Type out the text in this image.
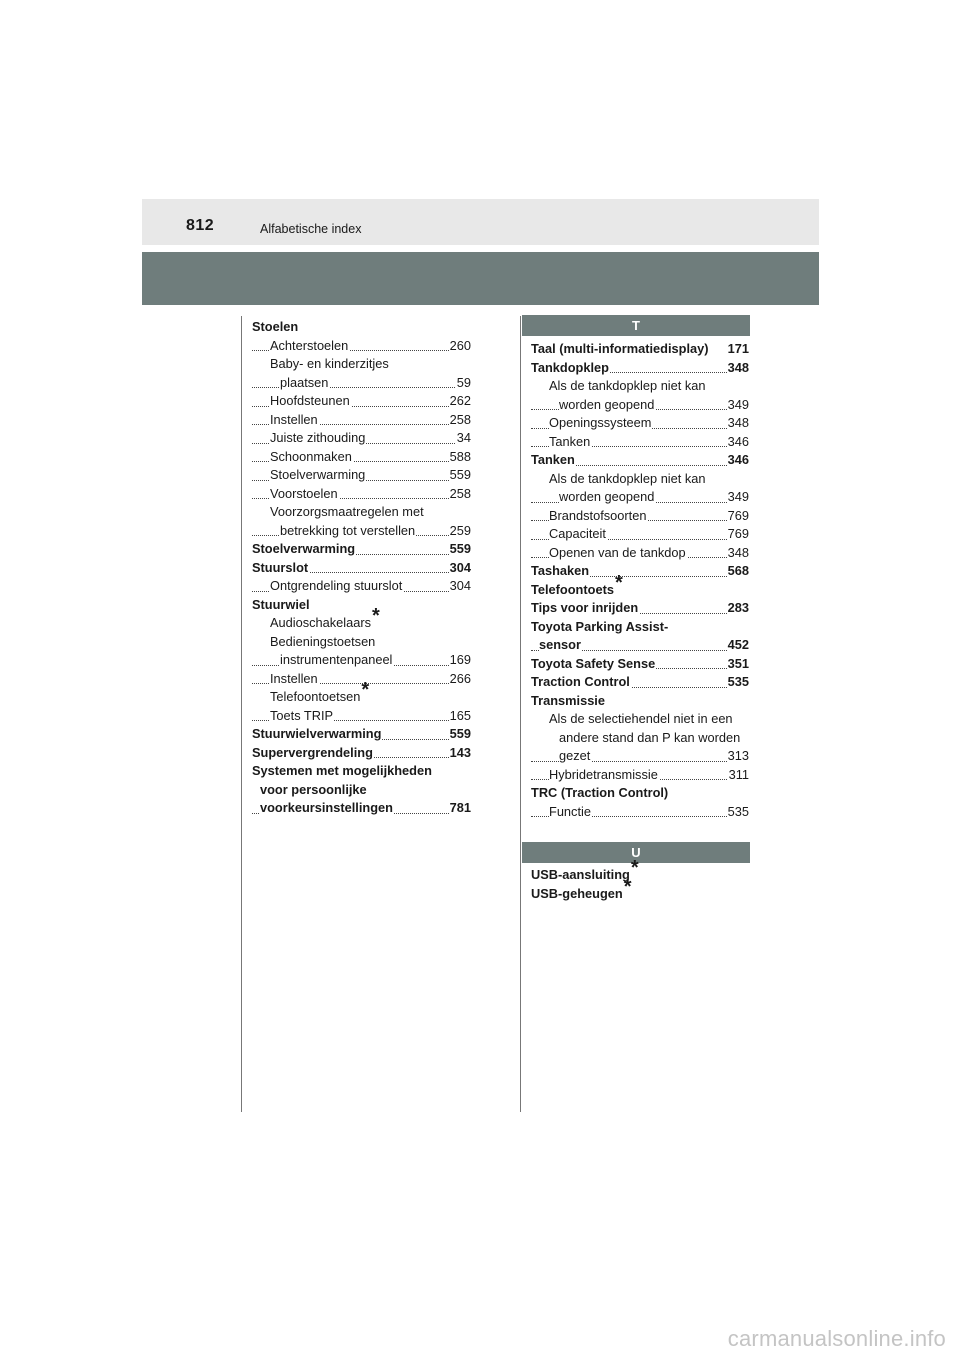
812	Alfabetische index
Stoelen
Achterstoelen	260
Baby- en kinderzitjes
plaatsen	59
Hoofdsteunen	262
Instellen	258
Juiste zithouding	34
Schoonmaken	588
Stoelverwarming	559
Voorstoelen	258
Voorzorgsmaatregelen met
betrekking tot verstellen	259
Stoelverwarming	559
Stuurslot	304
Ontgrendeling stuurslot	304
Stuurwiel
Audioschakelaars*
Bedieningstoetsen
instrumentenpaneel	169
Instellen	266
Telefoontoetsen*
Toets TRIP	165
Stuurwielverwarming	559
Supervergrendeling	143
Systemen met mogelijkheden
voor persoonlijke
voorkeursinstellingen	781
T
Taal (multi-informatiedisplay) 171
Tankdopklep	348
Als de tankdopklep niet kan
worden geopend	349
Openingssysteem	348
Tanken	346
Tanken	346
Als de tankdopklep niet kan
worden geopend	349
Brandstofsoorten	769
Capaciteit	769
Openen van de tankdop	348
Tashaken	568
Telefoontoets*
Tips voor inrijden	283
Toyota Parking Assist-
sensor	452
Toyota Safety Sense	351
Traction Control	535
Transmissie
Als de selectiehendel niet in een
andere stand dan P kan worden
gezet	313
Hybridetransmissie	311
TRC (Traction Control)
Functie	535
U
USB-aansluiting*
USB-geheugen*
carmanualsonline.info
